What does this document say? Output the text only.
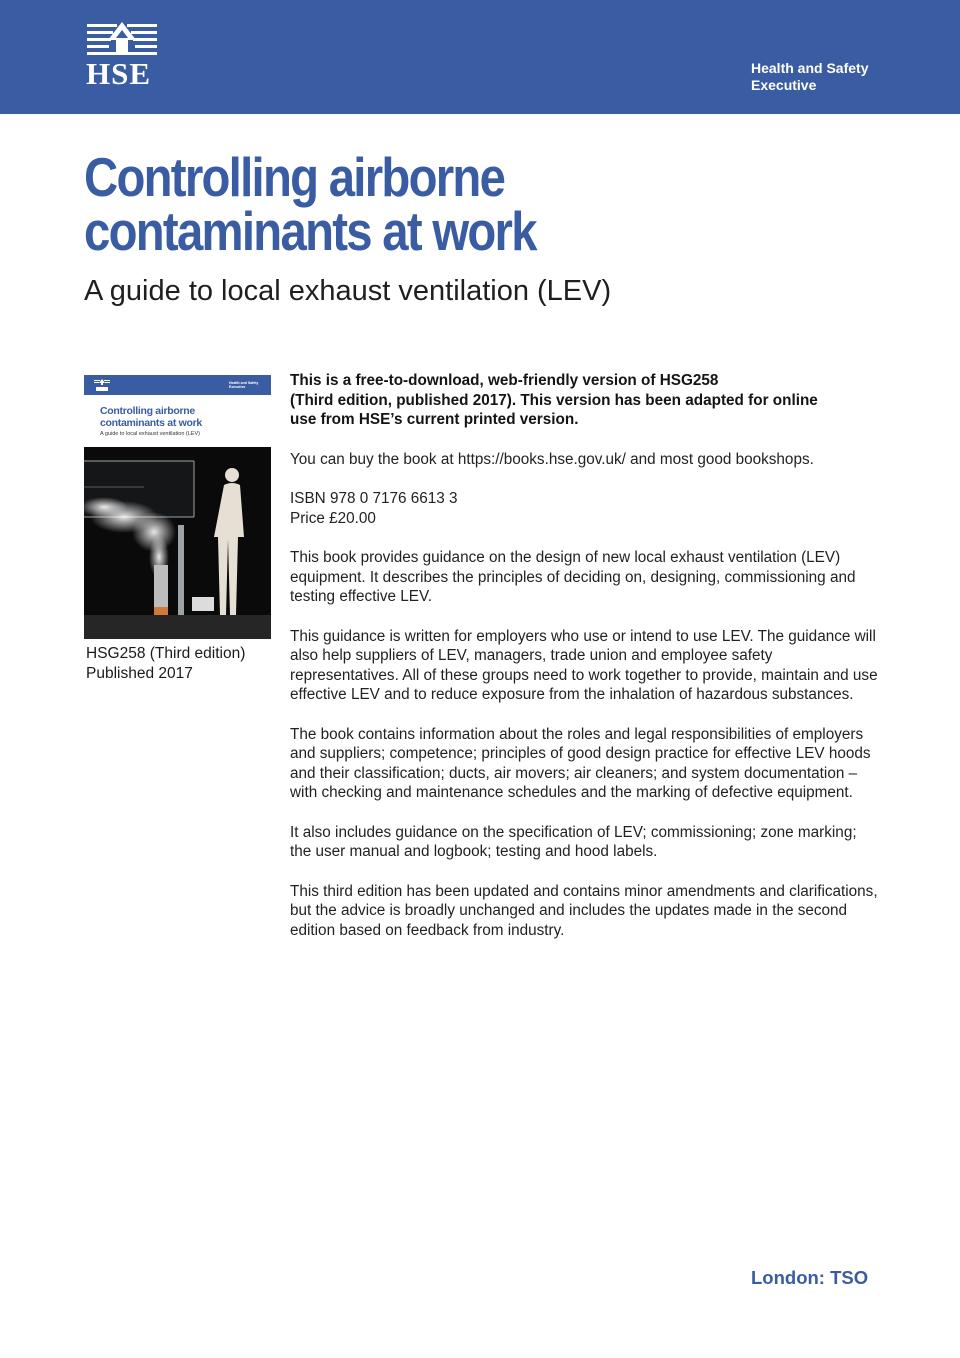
HSE	Health and Safety
Executive
Controlling airborne
contaminants at work
A guide to local exhaust ventilation (LEV)
Health and Safety
Executive
Controlling airborne
contaminants at work
A guide to local exhaust ventilation (LEV)
HSG258 (Third edition)
Published 2017

This is a free-to-download, web-friendly version of HSG258
(Third edition, published 2017). This version has been adapted for online
use from HSE’s current printed version.

You can buy the book at https://books.hse.gov.uk/ and most good bookshops.

ISBN 978 0 7176 6613 3
Price £20.00

This book provides guidance on the design of new local exhaust ventilation (LEV) equipment. It describes the principles of deciding on, designing, commissioning and testing effective LEV.

This guidance is written for employers who use or intend to use LEV. The guidance will also help suppliers of LEV, managers, trade union and employee safety representatives. All of these groups need to work together to provide, maintain and use effective LEV and to reduce exposure from the inhalation of hazardous substances.

The book contains information about the roles and legal responsibilities of employers and suppliers; competence; principles of good design practice for effective LEV hoods and their classification; ducts, air movers; air cleaners; and system documentation – with checking and maintenance schedules and the marking of defective equipment.

It also includes guidance on the specification of LEV; commissioning; zone marking; the user manual and logbook; testing and hood labels.

This third edition has been updated and contains minor amendments and clarifications, but the advice is broadly unchanged and includes the updates made in the second edition based on feedback from industry.

London: TSO
